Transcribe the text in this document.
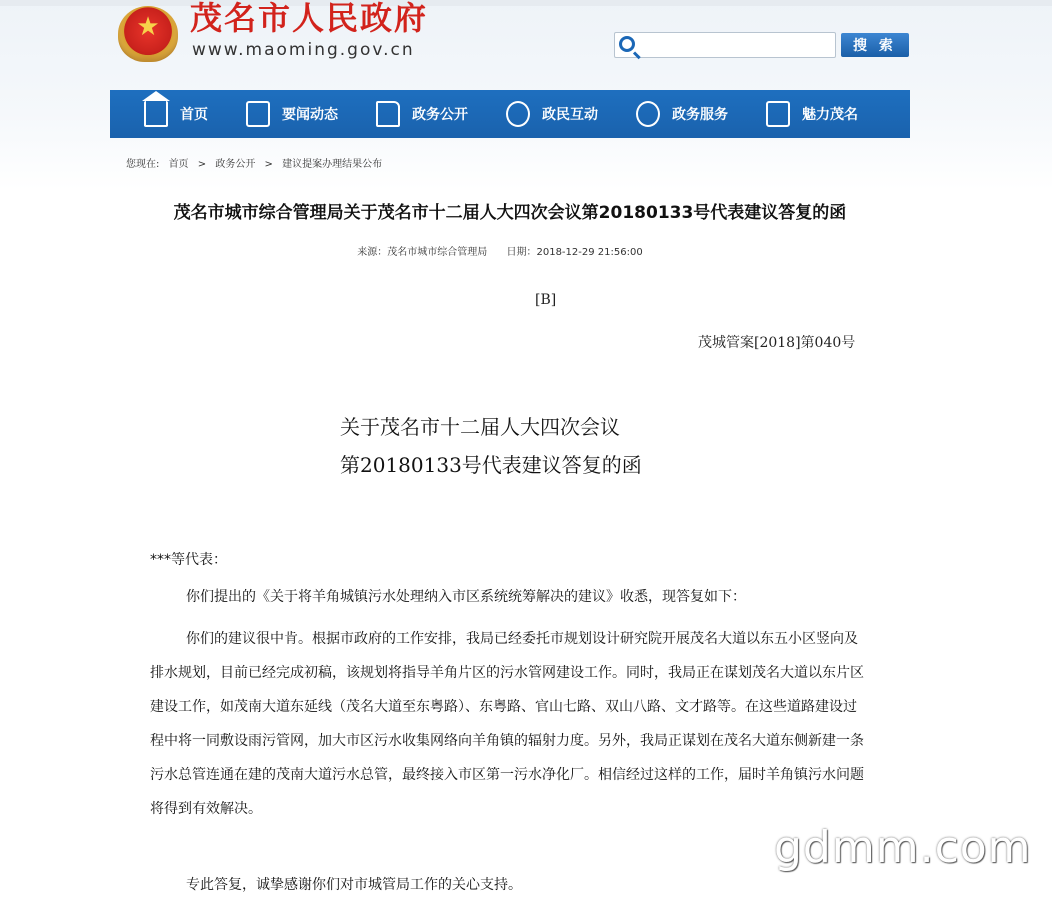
★
茂名市人民政府
www.maoming.gov.cn	搜 索
首页	要闻动态	政务公开	政民互动	政务服务	魅力茂名
您现在: 首页 > 政务公开 > 建议提案办理结果公布
茂名市城市综合管理局关于茂名市十二届人大四次会议第20180133号代表建议答复的函
来源：茂名市城市综合管理局 日期：2018-12-29 21:56:00
[B]
茂城管案[2018]第040号
关于茂名市十二届人大四次会议
第20180133号代表建议答复的函
***等代表：
你们提出的《关于将羊角城镇污水处理纳入市区系统统筹解决的建议》收悉，现答复如下：
你们的建议很中肯。根据市政府的工作安排，我局已经委托市规划设计研究院开展茂名大道以东五小区竖向及排水规划，目前已经完成初稿，该规划将指导羊角片区的污水管网建设工作。同时，我局正在谋划茂名大道以东片区建设工作，如茂南大道东延线（茂名大道至东粤路）、东粤路、官山七路、双山八路、文才路等。在这些道路建设过程中将一同敷设雨污管网，加大市区污水收集网络向羊角镇的辐射力度。另外，我局正谋划在茂名大道东侧新建一条污水总管连通在建的茂南大道污水总管，最终接入市区第一污水净化厂。相信经过这样的工作，届时羊角镇污水问题将得到有效解决。
专此答复，诚挚感谢你们对市城管局工作的关心支持。
gdmm.com
